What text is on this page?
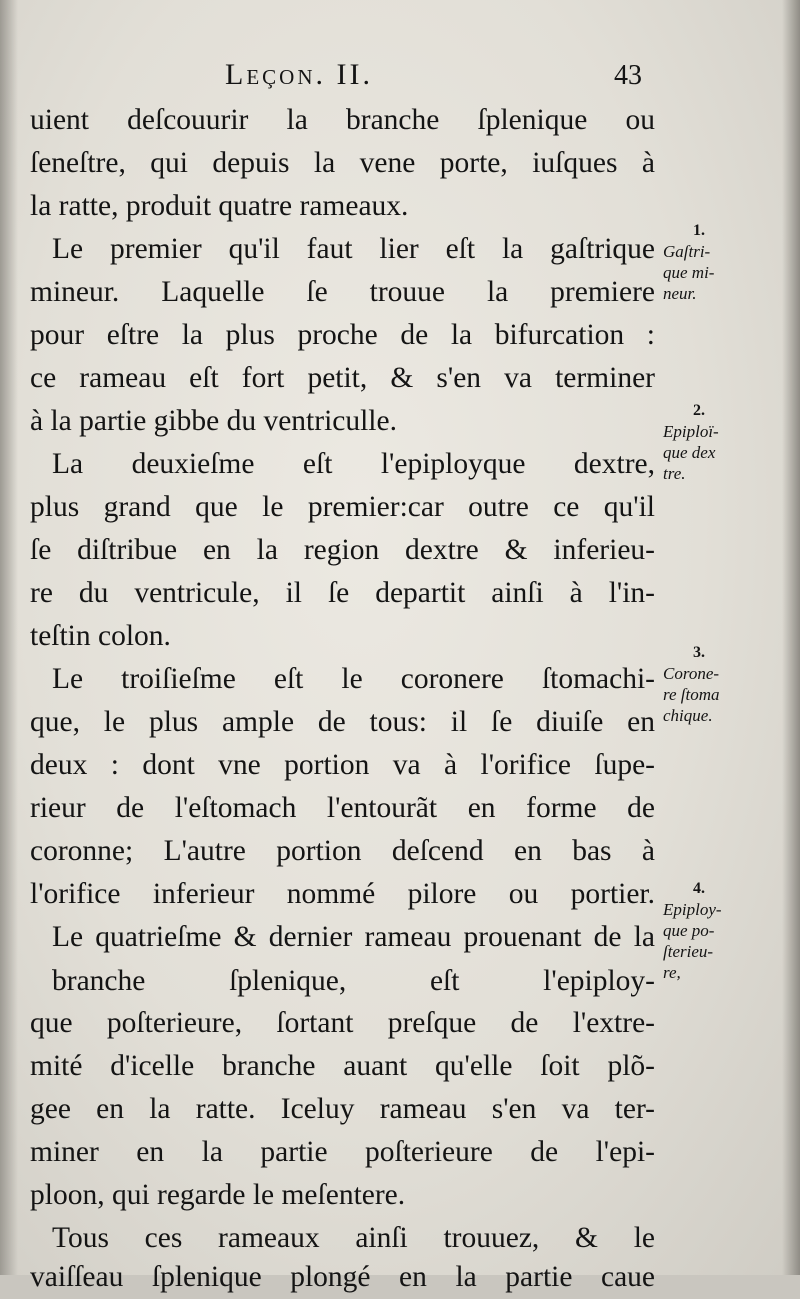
Leçon. II.	43
uient deſcouurir la branche ſplenique ou
ſeneſtre, qui depuis la vene porte, iuſques à
la ratte, produit quatre rameaux.
Le premier qu'il faut lier eſt la gaſtrique
mineur. Laquelle ſe trouue la premiere
pour eſtre la plus proche de la bifurcation :
ce rameau eſt fort petit, & s'en va terminer
à la partie gibbe du ventriculle.
La deuxieſme eſt l'epiployque dextre,
plus grand que le premier:car outre ce qu'il
ſe diſtribue en la region dextre & inferieu-
re du ventricule, il ſe departit ainſi à l'in-
teſtin colon.
Le troiſieſme eſt le coronere ſtomachi-
que, le plus ample de tous: il ſe diuiſe en
deux : dont vne portion va à l'orifice ſupe-
rieur de l'eſtomach l'entourãt en forme de
coronne; L'autre portion deſcend en bas à
l'orifice inferieur nommé pilore ou portier.
Le quatrieſme & dernier rameau prouenant de la branche ſplenique, eſt l'epiploy-
que poſterieure, ſortant preſque de l'extre-
mité d'icelle branche auant qu'elle ſoit plõ-
gee en la ratte. Iceluy rameau s'en va ter-
miner en la partie poſterieure de l'epi-
ploon, qui regarde le meſentere.
Tous ces rameaux ainſi trouuez, & le
vaiſſeau ſplenique plongé en la partie caue
1.
Gaſtri-
que mi-
neur.
2.
Epiploï-
que dex
tre.
3.
Corone-
re ſtoma
chique.
4.
Epiploy-
que po-
ſterieu-
re,
